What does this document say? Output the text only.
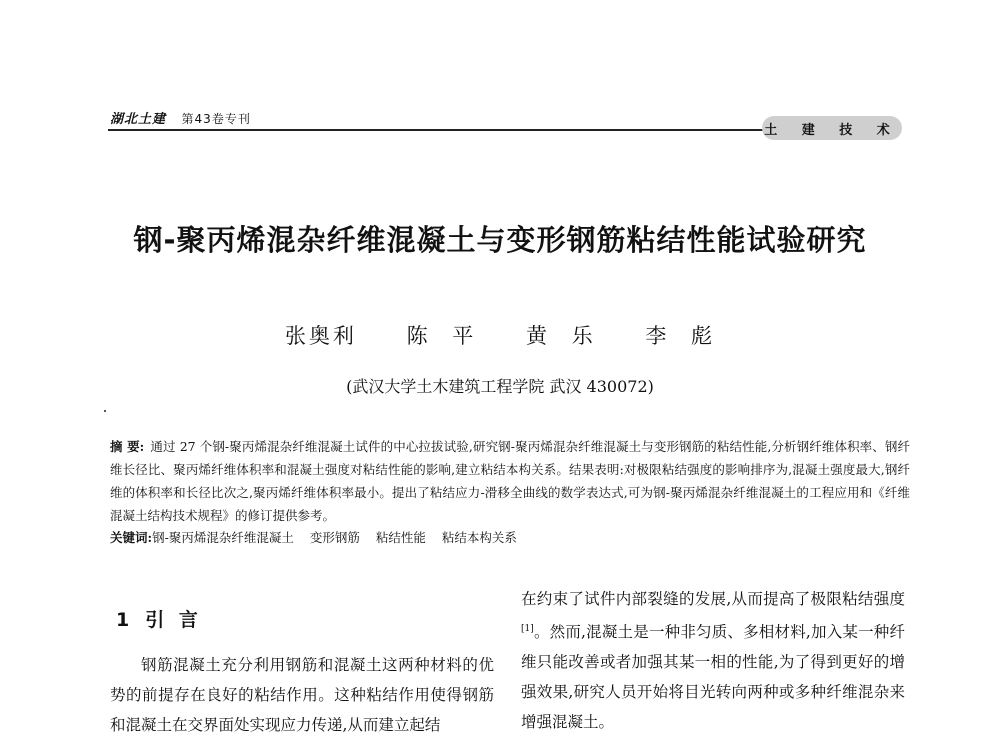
湖北土建 第43卷专刊
土 建 技 术
钢-聚丙烯混杂纤维混凝土与变形钢筋粘结性能试验研究
张奥利 陈 平 黄 乐 李 彪
(武汉大学土木建筑工程学院 武汉 430072)
摘 要: 通过 27 个钢-聚丙烯混杂纤维混凝土试件的中心拉拔试验,研究钢-聚丙烯混杂纤维混凝土与变形钢筋的粘结性能,分析钢纤维体积率、钢纤维长径比、聚丙烯纤维体积率和混凝土强度对粘结性能的影响,建立粘结本构关系。结果表明:对极限粘结强度的影响排序为,混凝土强度最大,钢纤维的体积率和长径比次之,聚丙烯纤维体积率最小。提出了粘结应力-滑移全曲线的数学表达式,可为钢-聚丙烯混杂纤维混凝土的工程应用和《纤维混凝土结构技术规程》的修订提供参考。
关键词:钢-聚丙烯混杂纤维混凝土 变形钢筋 粘结性能 粘结本构关系
1 引 言

钢筋混凝土充分利用钢筋和混凝土这两种材料的优势的前提存在良好的粘结作用。这种粘结作用使得钢筋和混凝土在交界面处实现应力传递,从而建立起结

在约束了试件内部裂缝的发展,从而提高了极限粘结强度[1]。然而,混凝土是一种非匀质、多相材料,加入某一种纤维只能改善或者加强其某一相的性能,为了得到更好的增强效果,研究人员开始将目光转向两种或多种纤维混杂来增强混凝土。
